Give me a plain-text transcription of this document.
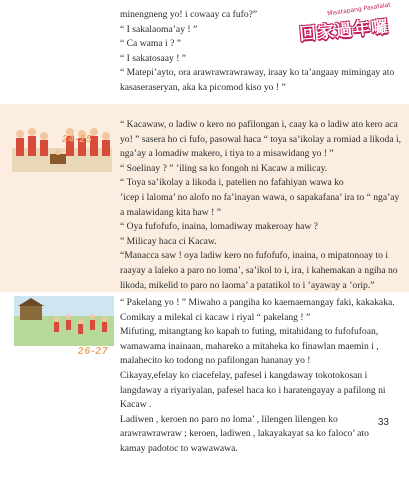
Misatapang Pasafalat
回家過年囉
minengneng yo! i cowaay ca fufo?”
“ I sakalaoma’ay ! ”
“ Ca wama i ? ”
“ I sakatosaay ! ”
“ Matepi’ayto, ora arawrawrawraway, iraay ko ta’angaay mimingay ato
kasaseraseryan, aka ka picomod kiso yo ! ”
24-25
“ Kacawaw, o ladiw o kero no pafilongan i, caay ka o ladiw ato kero aca
yo! ” sasera ho ci fufo, pasowal haca “ toya sa’ikolay a romiad a likoda i,
nga’ay a lomadiw makero, i tiya to a misawidang yo ! ”
“ Soelinay ? ” ’iling sa ko fongoh ni Kacaw a milicay.
“ Toya sa’ikolay a likoda i, patelien no fafahiyan wawa ko
’icep i laloma’ no alofo no fa’inayan wawa, o sapakafana’ ira to “ nga’ay
a malawidang kita haw ! ”
“ Oya fufofufo, inaina, lomadiway makeroay haw ?
” Milicay haca ci Kacaw.
“Manacca saw ! oya ladiw kero no fufofufo, inaina, o mipatonoay to i
raayay a laleko a paro no loma’, sa’ikol to i, ira, i kahemakan a ngiha no
likoda, mikelid to paro no laoma’ a patatikol to i ’ayaway a ’orip.”
26-27
“ Pakelang yo ! ” Miwaho a pangiha ko kaemaemangay faki, kakakaka.
Comikay a milekal ci kacaw i riyal “ pakelang ! ”
Mifuting, mitangtang ko kapah to futing, mitahidang to fufofufoan,
wamawama inainaan, mahareko a mitaheka ko finawlan maemin i ,
malahecito ko todong no pafilongan hananay yo !
Cikayay,efelay ko ciacefelay, pafesel i kangdaway tokotokosan i
langdaway a riyariyalan, pafesel haca ko i haratengayay a pafilong ni
Kacaw .
Ladiwen , keroen no paro no loma’ , lilengen lilengen ko
arawrawrawraw ; keroen, ladiwen , lakayakayat sa ko faloco’ ato
kamay padotoc to wawawawa.
33
